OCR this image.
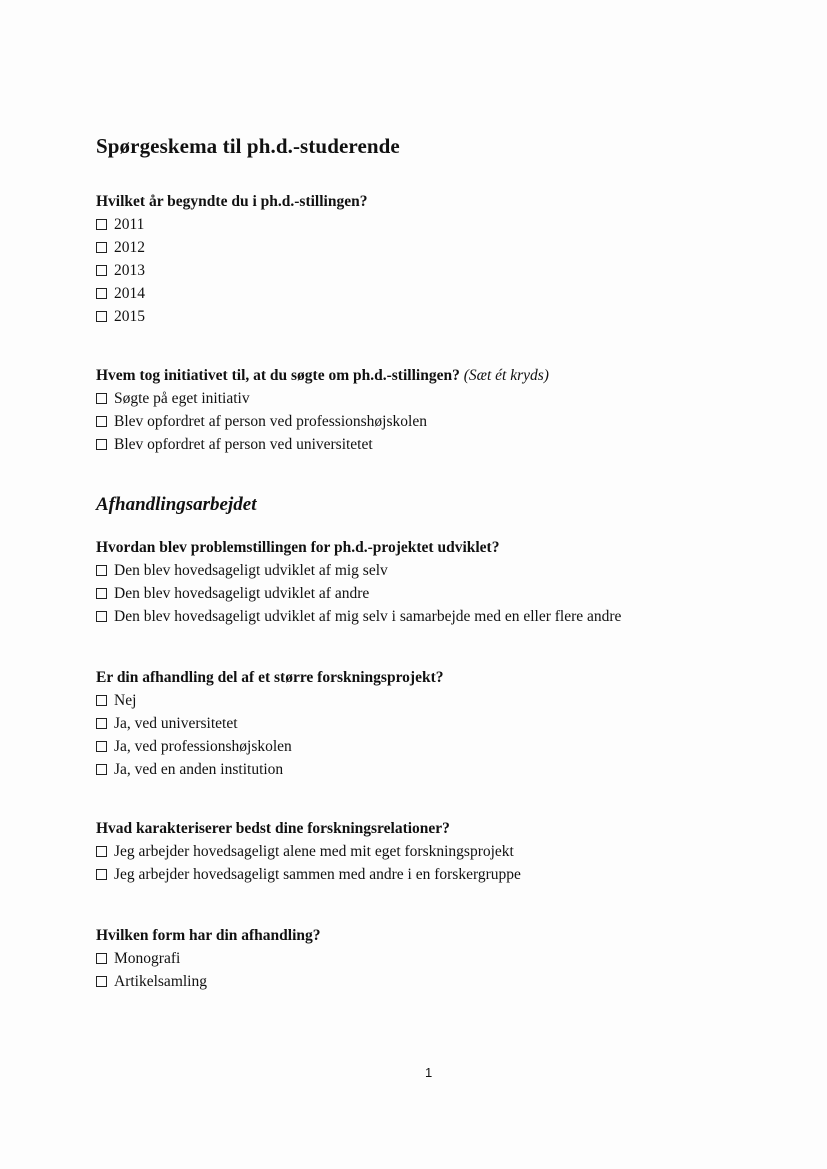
Spørgeskema til ph.d.-studerende
Hvilket år begyndte du i ph.d.-stillingen?
2011
2012
2013
2014
2015
Hvem tog initiativet til, at du søgte om ph.d.-stillingen? (Sæt ét kryds)
Søgte på eget initiativ
Blev opfordret af person ved professionshøjskolen
Blev opfordret af person ved universitetet
Afhandlingsarbejdet
Hvordan blev problemstillingen for ph.d.-projektet udviklet?
Den blev hovedsageligt udviklet af mig selv
Den blev hovedsageligt udviklet af andre
Den blev hovedsageligt udviklet af mig selv i samarbejde med en eller flere andre
Er din afhandling del af et større forskningsprojekt?
Nej
Ja, ved universitetet
Ja, ved professionshøjskolen
Ja, ved en anden institution
Hvad karakteriserer bedst dine forskningsrelationer?
Jeg arbejder hovedsageligt alene med mit eget forskningsprojekt
Jeg arbejder hovedsageligt sammen med andre i en forskergruppe
Hvilken form har din afhandling?
Monografi
Artikelsamling
1
